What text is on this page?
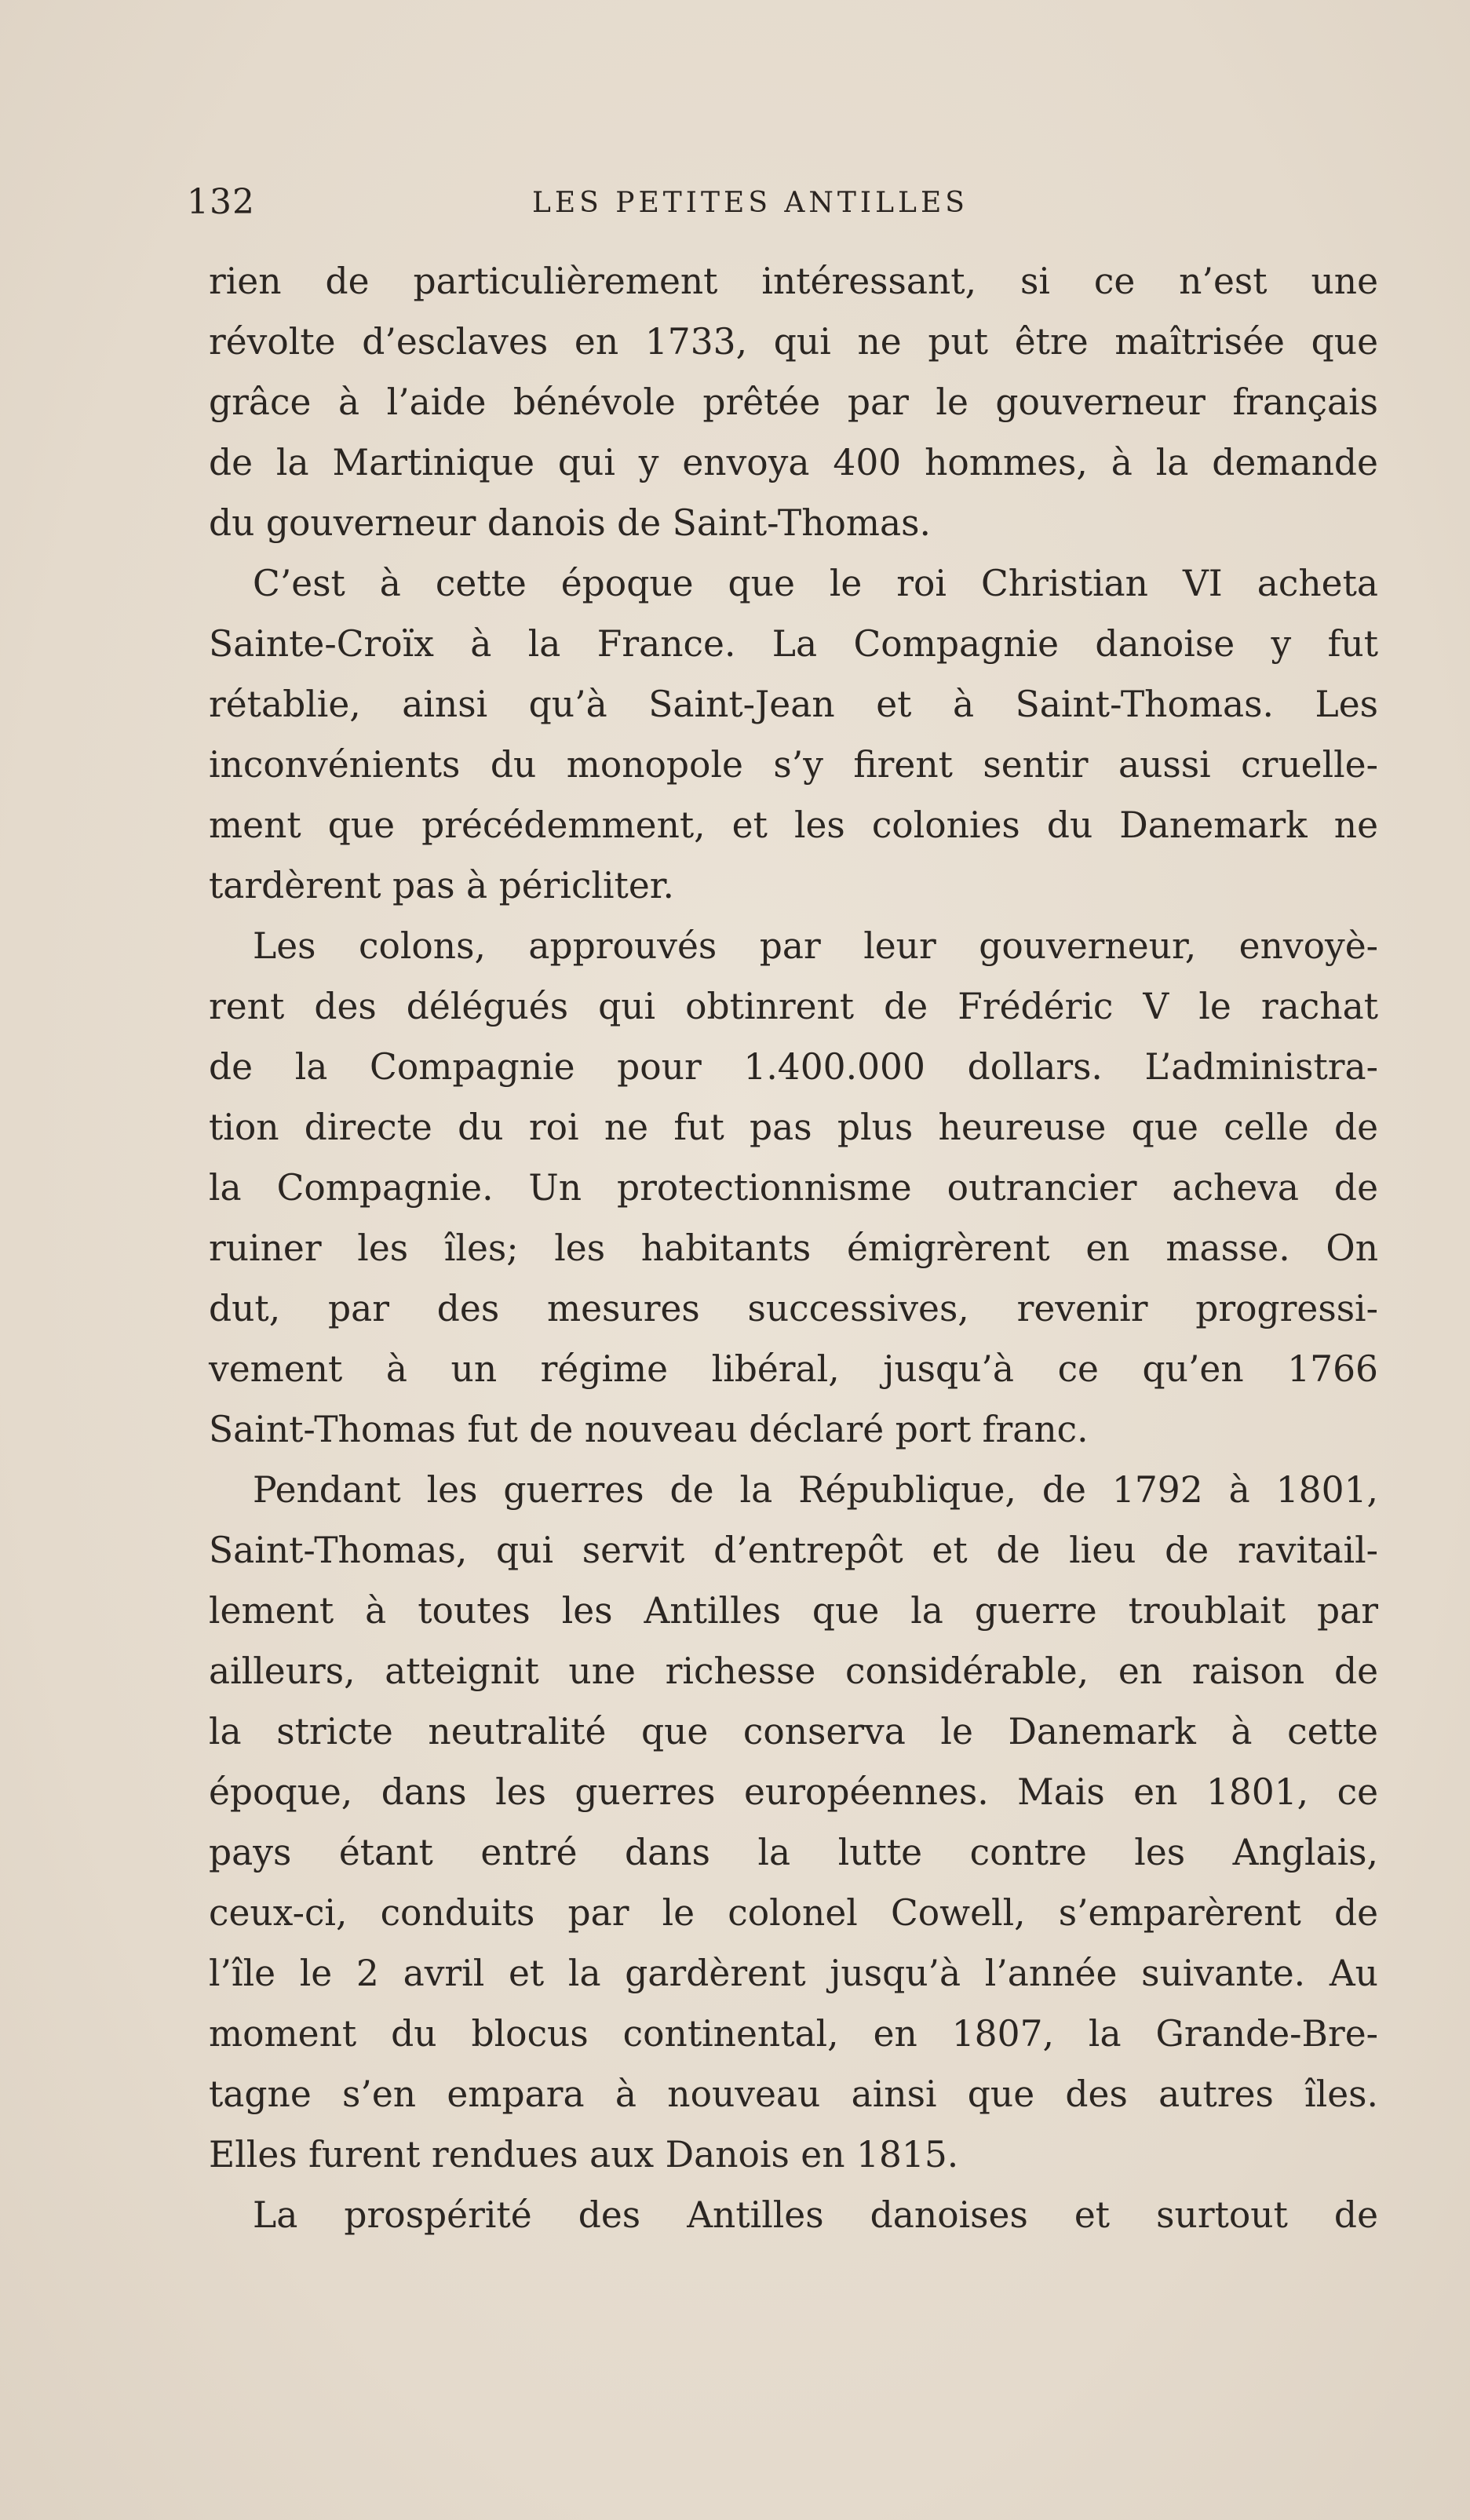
132	LES PETITES ANTILLES
rien de particulièrement intéressant, si ce n’est une
révolte d’esclaves en 1733, qui ne put être maîtrisée que
grâce à l’aide bénévole prêtée par le gouverneur français
de la Martinique qui y envoya 400 hommes, à la demande
du gouverneur danois de Saint-Thomas.
C’est à cette époque que le roi Christian VI acheta
Sainte-Croïx à la France. La Compagnie danoise y fut
rétablie, ainsi qu’à Saint-Jean et à Saint-Thomas. Les
inconvénients du monopole s’y firent sentir aussi cruelle-
ment que précédemment, et les colonies du Danemark ne
tardèrent pas à péricliter.
Les colons, approuvés par leur gouverneur, envoyè-
rent des délégués qui obtinrent de Frédéric V le rachat
de la Compagnie pour 1.400.000 dollars. L’administra-
tion directe du roi ne fut pas plus heureuse que celle de
la Compagnie. Un protectionnisme outrancier acheva de
ruiner les îles; les habitants émigrèrent en masse. On
dut, par des mesures successives, revenir progressi-
vement à un régime libéral, jusqu’à ce qu’en 1766
Saint-Thomas fut de nouveau déclaré port franc.
Pendant les guerres de la République, de 1792 à 1801,
Saint-Thomas, qui servit d’entrepôt et de lieu de ravitail-
lement à toutes les Antilles que la guerre troublait par
ailleurs, atteignit une richesse considérable, en raison de
la stricte neutralité que conserva le Danemark à cette
époque, dans les guerres européennes. Mais en 1801, ce
pays étant entré dans la lutte contre les Anglais,
ceux-ci, conduits par le colonel Cowell, s’emparèrent de
l’île le 2 avril et la gardèrent jusqu’à l’année suivante. Au
moment du blocus continental, en 1807, la Grande-Bre-
tagne s’en empara à nouveau ainsi que des autres îles.
Elles furent rendues aux Danois en 1815.
La prospérité des Antilles danoises et surtout de
